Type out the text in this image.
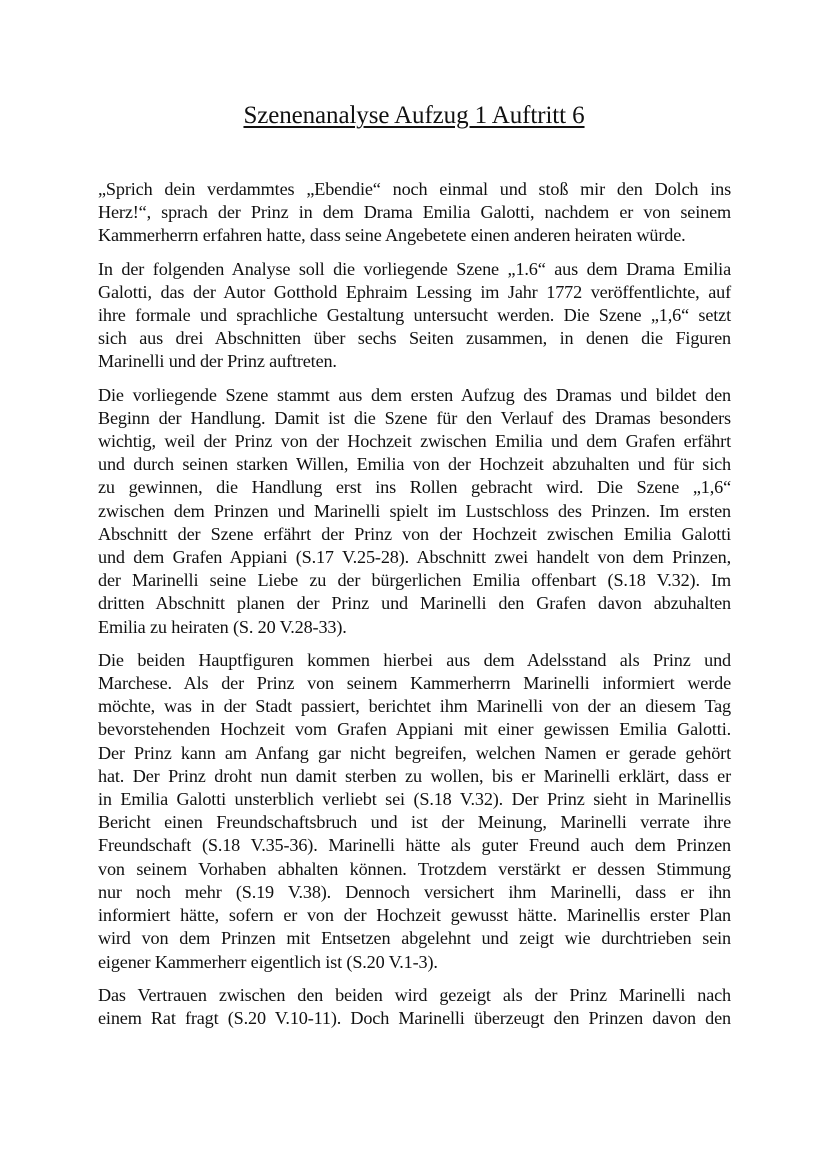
Szenenanalyse Aufzug 1 Auftritt 6

„Sprich dein verdammtes „Ebendie“ noch einmal und stoß mir den Dolch ins
Herz!“, sprach der Prinz in dem Drama Emilia Galotti, nachdem er von seinem
Kammerherrn erfahren hatte, dass seine Angebetete einen anderen heiraten würde.

In der folgenden Analyse soll die vorliegende Szene „1.6“ aus dem Drama Emilia
Galotti, das der Autor Gotthold Ephraim Lessing im Jahr 1772 veröffentlichte, auf
ihre formale und sprachliche Gestaltung untersucht werden. Die Szene „1,6“ setzt
sich aus drei Abschnitten über sechs Seiten zusammen, in denen die Figuren
Marinelli und der Prinz auftreten.

Die vorliegende Szene stammt aus dem ersten Aufzug des Dramas und bildet den
Beginn der Handlung. Damit ist die Szene für den Verlauf des Dramas besonders
wichtig, weil der Prinz von der Hochzeit zwischen Emilia und dem Grafen erfährt
und durch seinen starken Willen, Emilia von der Hochzeit abzuhalten und für sich
zu gewinnen, die Handlung erst ins Rollen gebracht wird. Die Szene „1,6“
zwischen dem Prinzen und Marinelli spielt im Lustschloss des Prinzen. Im ersten
Abschnitt der Szene erfährt der Prinz von der Hochzeit zwischen Emilia Galotti
und dem Grafen Appiani (S.17 V.25-28). Abschnitt zwei handelt von dem Prinzen,
der Marinelli seine Liebe zu der bürgerlichen Emilia offenbart (S.18 V.32). Im
dritten Abschnitt planen der Prinz und Marinelli den Grafen davon abzuhalten
Emilia zu heiraten (S. 20 V.28-33).

Die beiden Hauptfiguren kommen hierbei aus dem Adelsstand als Prinz und
Marchese. Als der Prinz von seinem Kammerherrn Marinelli informiert werde
möchte, was in der Stadt passiert, berichtet ihm Marinelli von der an diesem Tag
bevorstehenden Hochzeit vom Grafen Appiani mit einer gewissen Emilia Galotti.
Der Prinz kann am Anfang gar nicht begreifen, welchen Namen er gerade gehört
hat. Der Prinz droht nun damit sterben zu wollen, bis er Marinelli erklärt, dass er
in Emilia Galotti unsterblich verliebt sei (S.18 V.32). Der Prinz sieht in Marinellis
Bericht einen Freundschaftsbruch und ist der Meinung, Marinelli verrate ihre
Freundschaft (S.18 V.35-36). Marinelli hätte als guter Freund auch dem Prinzen
von seinem Vorhaben abhalten können. Trotzdem verstärkt er dessen Stimmung
nur noch mehr (S.19 V.38). Dennoch versichert ihm Marinelli, dass er ihn
informiert hätte, sofern er von der Hochzeit gewusst hätte. Marinellis erster Plan
wird von dem Prinzen mit Entsetzen abgelehnt und zeigt wie durchtrieben sein
eigener Kammerherr eigentlich ist (S.20 V.1-3).

Das Vertrauen zwischen den beiden wird gezeigt als der Prinz Marinelli nach
einem Rat fragt (S.20 V.10-11). Doch Marinelli überzeugt den Prinzen davon den
